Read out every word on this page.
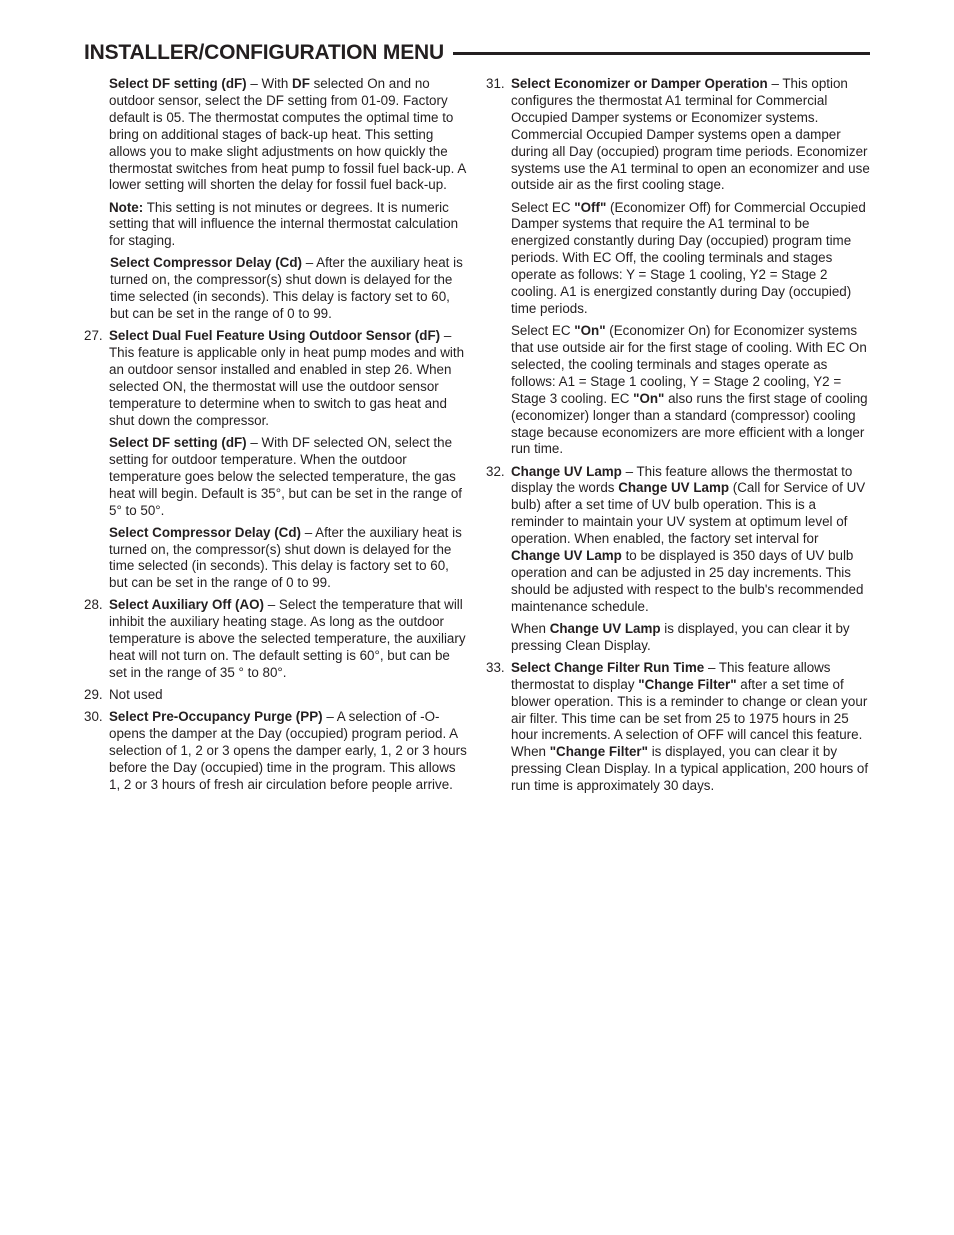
INSTALLER/CONFIGURATION MENU

Select DF setting (dF) – With DF selected On and no outdoor sensor, select the DF setting from 01-09. Factory default is 05. The thermostat computes the optimal time to bring on additional stages of back-up heat. This setting allows you to make slight adjustments on how quickly the thermostat switches from heat pump to fossil fuel back-up. A lower setting will shorten the delay for fossil fuel back-up.

Note: This setting is not minutes or degrees. It is numeric setting that will influence the internal thermostat calculation for staging.

Select Compressor Delay (Cd) – After the auxiliary heat is turned on, the compressor(s) shut down is delayed for the time selected (in seconds). This delay is factory set to 60, but can be set in the range of 0 to 99.

27. Select Dual Fuel Feature Using Outdoor Sensor (dF) – This feature is applicable only in heat pump modes and with an outdoor sensor installed and enabled in step 26. When selected ON, the thermostat will use the outdoor sensor temperature to determine when to switch to gas heat and shut down the compressor.

Select DF setting (dF) – With DF selected ON, select the setting for outdoor temperature. When the outdoor temperature goes below the selected temperature, the gas heat will begin. Default is 35°, but can be set in the range of 5° to 50°.

Select Compressor Delay (Cd) – After the auxiliary heat is turned on, the compressor(s) shut down is delayed for the time selected (in seconds). This delay is factory set to 60, but can be set in the range of 0 to 99.

28. Select Auxiliary Off (AO) – Select the temperature that will inhibit the auxiliary heating stage. As long as the outdoor temperature is above the selected temperature, the auxiliary heat will not turn on. The default setting is 60°, but can be set in the range of 35 ° to 80°.

29. Not used

30. Select Pre-Occupancy Purge (PP) – A selection of -O- opens the damper at the Day (occupied) program period. A selection of 1, 2 or 3 opens the damper early, 1, 2 or 3 hours before the Day (occupied) time in the program. This allows 1, 2 or 3 hours of fresh air circulation before people arrive.

31. Select Economizer or Damper Operation – This option configures the thermostat A1 terminal for Commercial Occupied Damper systems or Economizer systems. Commercial Occupied Damper systems open a damper during all Day (occupied) program time periods. Economizer systems use the A1 terminal to open an economizer and use outside air as the first cooling stage.

Select EC "Off" (Economizer Off) for Commercial Occupied Damper systems that require the A1 terminal to be energized constantly during Day (occupied) program time periods. With EC Off, the cooling terminals and stages operate as follows: Y = Stage 1 cooling, Y2 = Stage 2 cooling. A1 is energized constantly during Day (occupied) time periods.

Select EC "On" (Economizer On) for Economizer systems that use outside air for the first stage of cooling. With EC On selected, the cooling terminals and stages operate as follows: A1 = Stage 1 cooling, Y = Stage 2 cooling, Y2 = Stage 3 cooling. EC "On" also runs the first stage of cooling (economizer) longer than a standard (compressor) cooling stage because economizers are more efficient with a longer run time.

32. Change UV Lamp – This feature allows the thermostat to display the words Change UV Lamp (Call for Service of UV bulb) after a set time of UV bulb operation. This is a reminder to maintain your UV system at optimum level of operation. When enabled, the factory set interval for Change UV Lamp to be displayed is 350 days of UV bulb operation and can be adjusted in 25 day increments. This should be adjusted with respect to the bulb's recommended maintenance schedule.

When Change UV Lamp is displayed, you can clear it by pressing Clean Display.

33. Select Change Filter Run Time – This feature allows thermostat to display "Change Filter" after a set time of blower operation. This is a reminder to change or clean your air filter. This time can be set from 25 to 1975 hours in 25 hour increments. A selection of OFF will cancel this feature. When "Change Filter" is displayed, you can clear it by pressing Clean Display. In a typical application, 200 hours of run time is approximately 30 days.
